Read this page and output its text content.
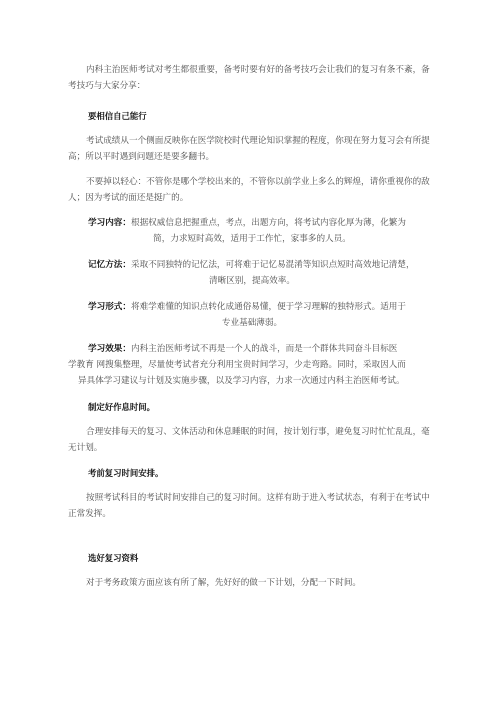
内科主治医师考试对考生都很重要，备考时要有好的备考技巧会让我们的复习有条不紊，备考技巧与大家分享：

要相信自己能行

考试成绩从一个侧面反映你在医学院校时代理论知识掌握的程度，你现在努力复习会有所提高；所以平时遇到问题还是要多翻书。

不要掉以轻心：不管你是哪个学校出来的，不管你以前学业上多么的辉煌，请你重视你的敌人；因为考试的面还是挺广的。

学习内容：根据权威信息把握重点，考点，出题方向，将考试内容化厚为薄，化繁为

简，力求短时高效，适用于工作忙，家事多的人员。

记忆方法：采取不同独特的记忆法，可将难于记忆易混淆等知识点短时高效地记清楚，

清晰区别，提高效率。

学习形式：将难学难懂的知识点转化成通俗易懂，便于学习理解的独特形式。适用于

专业基础薄弱。

学习效果：内科主治医师考试不再是一个人的战斗，而是一个群体共同奋斗目标医

学教育 网搜集整理，尽量使考试者充分利用宝贵时间学习，少走弯路。同时，采取因人而

异具体学习建议与计划及实施步骤，以及学习内容，力求一次通过内科主治医师考试。

制定好作息时间。

合理安排每天的复习、文体活动和休息睡眠的时间，按计划行事，避免复习时忙忙乱乱，毫无计划。

考前复习时间安排。

按照考试科目的考试时间安排自己的复习时间。这样有助于进入考试状态，有利于在考试中正常发挥。

选好复习资料

对于考务政策方面应该有所了解，先好好的做一下计划，分配一下时间。
